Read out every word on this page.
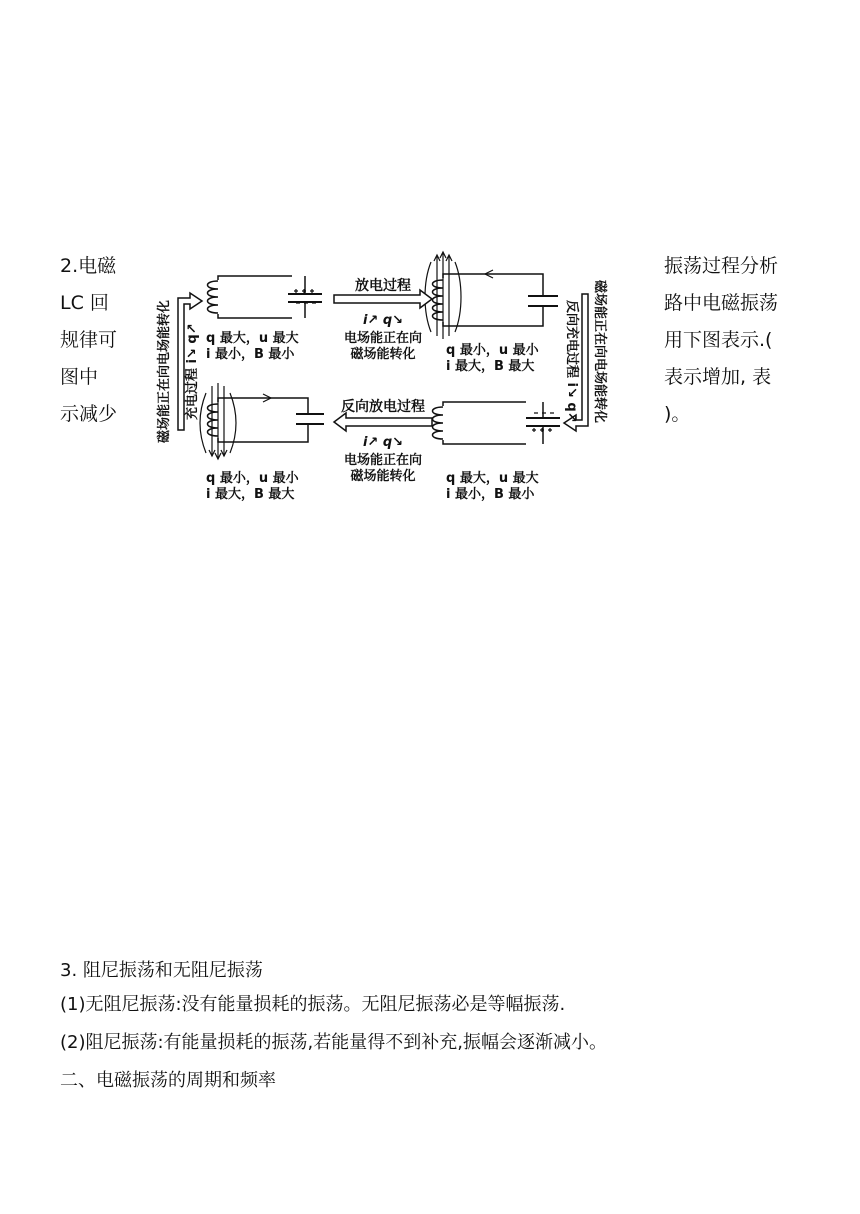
2.电磁
LC 回
规律可
图中
示减少
振荡过程分析
路中电磁振荡
用下图表示.(
表示增加, 表
)。
放电过程
i↗ q↘
电场能正在向
磁场能转化
反向放电过程
i↗ q↘
电场能正在向
磁场能转化
q 最大，u 最大
i 最小，B 最小	q 最小，u 最小
i 最大，B 最大
q 最小，u 最小
i 最大，B 最大
q 最大，u 最大
i 最小，B 最小
磁场能正在向电场能转化 充电过程 i↘ q↗	磁场能正在向电场能转化
反向充电过程 i↘ q↗
3. 阻尼振荡和无阻尼振荡
(1)无阻尼振荡:没有能量损耗的振荡。无阻尼振荡必是等幅振荡.
(2)阻尼振荡:有能量损耗的振荡,若能量得不到补充,振幅会逐渐减小。
二、电磁振荡的周期和频率
